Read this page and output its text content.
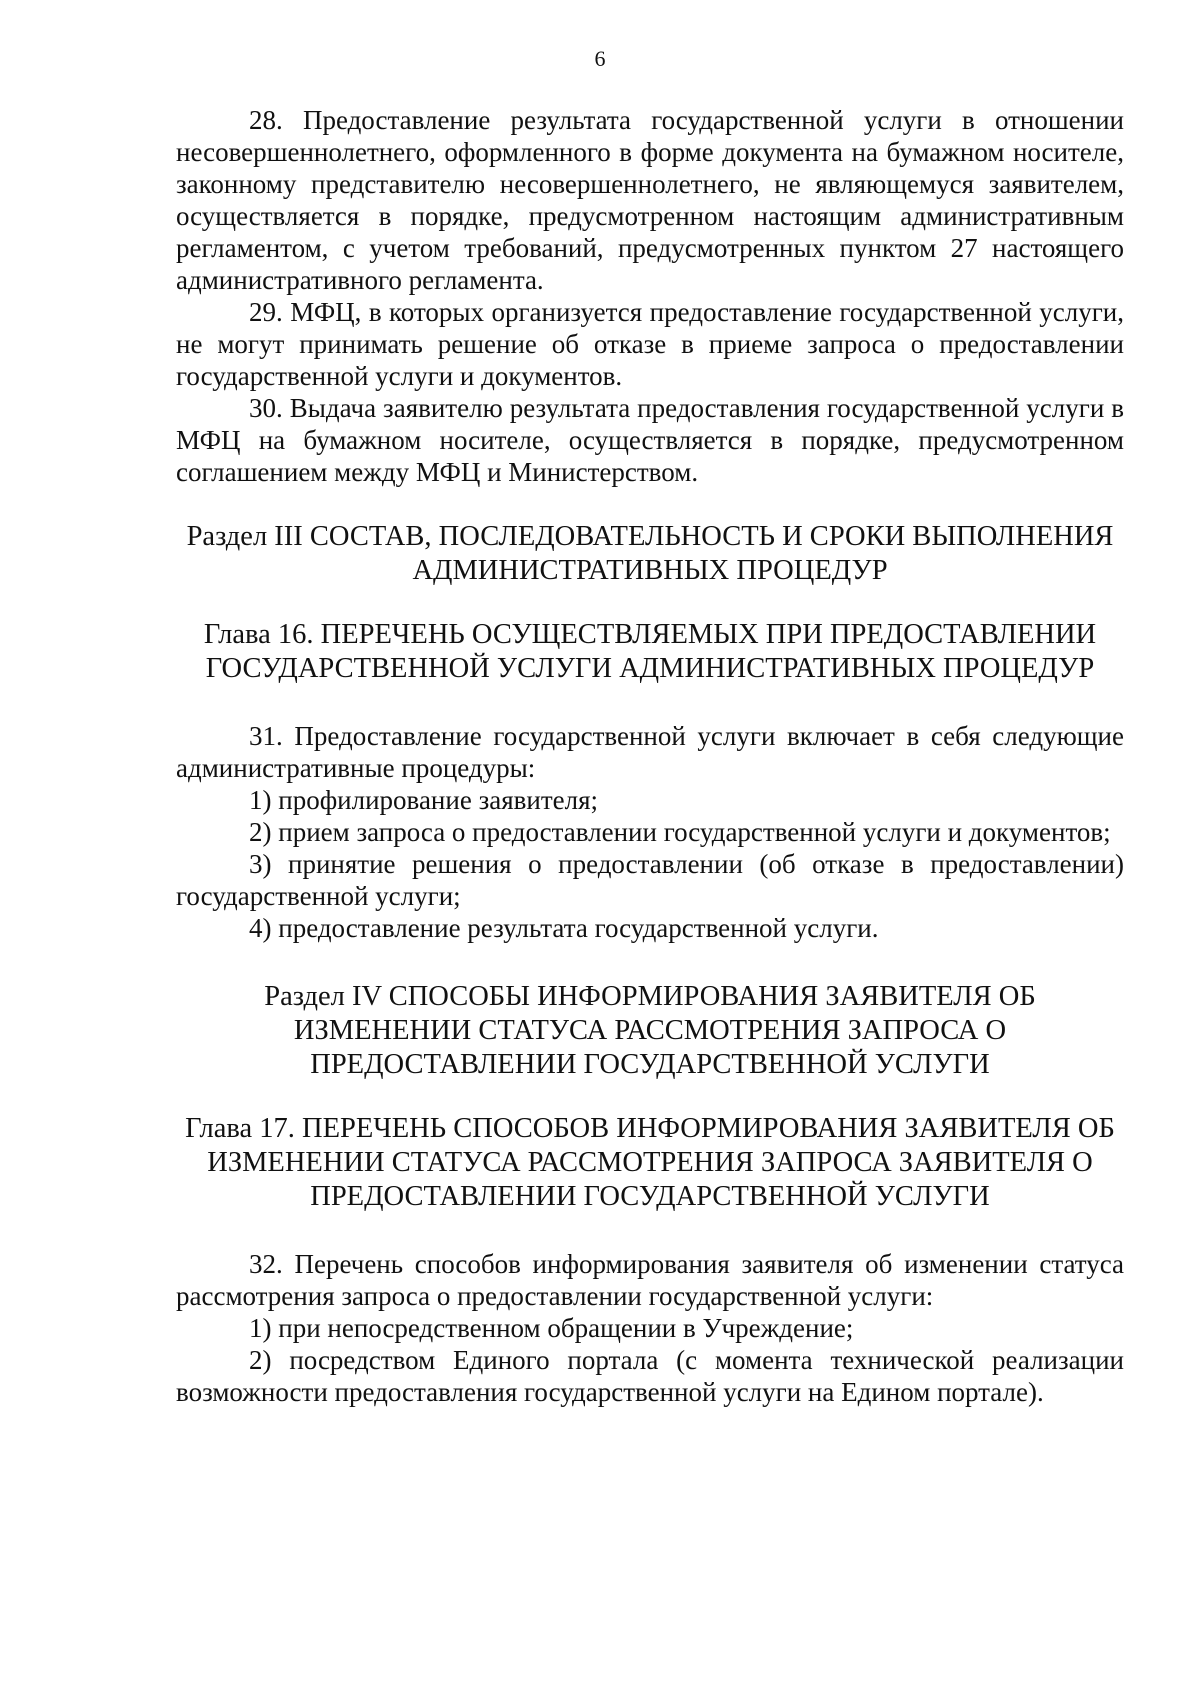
6

28. Предоставление результата государственной услуги в отношении несовершеннолетнего, оформленного в форме документа на бумажном носителе, законному представителю несовершеннолетнего, не являющемуся заявителем, осуществляется в порядке, предусмотренном настоящим административным регламентом, с учетом требований, предусмотренных пунктом 27 настоящего административного регламента.

29. МФЦ, в которых организуется предоставление государственной услуги, не могут принимать решение об отказе в приеме запроса о предоставлении государственной услуги и документов.

30. Выдача заявителю результата предоставления государственной услуги в МФЦ на бумажном носителе, осуществляется в порядке, предусмотренном соглашением между МФЦ и Министерством.

Раздел III СОСТАВ, ПОСЛЕДОВАТЕЛЬНОСТЬ И СРОКИ ВЫПОЛНЕНИЯ

АДМИНИСТРАТИВНЫХ ПРОЦЕДУР

Глава 16. ПЕРЕЧЕНЬ ОСУЩЕСТВЛЯЕМЫХ ПРИ ПРЕДОСТАВЛЕНИИ

ГОСУДАРСТВЕННОЙ УСЛУГИ АДМИНИСТРАТИВНЫХ ПРОЦЕДУР

31. Предоставление государственной услуги включает в себя следующие административные процедуры:

1) профилирование заявителя;

2) прием запроса о предоставлении государственной услуги и документов;

3) принятие решения о предоставлении (об отказе в предоставлении) государственной услуги;

4) предоставление результата государственной услуги.

Раздел IV СПОСОБЫ ИНФОРМИРОВАНИЯ ЗАЯВИТЕЛЯ ОБ

ИЗМЕНЕНИИ СТАТУСА РАССМОТРЕНИЯ ЗАПРОСА О

ПРЕДОСТАВЛЕНИИ ГОСУДАРСТВЕННОЙ УСЛУГИ

Глава 17. ПЕРЕЧЕНЬ СПОСОБОВ ИНФОРМИРОВАНИЯ ЗАЯВИТЕЛЯ ОБ

ИЗМЕНЕНИИ СТАТУСА РАССМОТРЕНИЯ ЗАПРОСА ЗАЯВИТЕЛЯ О

ПРЕДОСТАВЛЕНИИ ГОСУДАРСТВЕННОЙ УСЛУГИ

32. Перечень способов информирования заявителя об изменении статуса рассмотрения запроса о предоставлении государственной услуги:

1) при непосредственном обращении в Учреждение;

2) посредством Единого портала (с момента технической реализации возможности предоставления государственной услуги на Едином портале).
